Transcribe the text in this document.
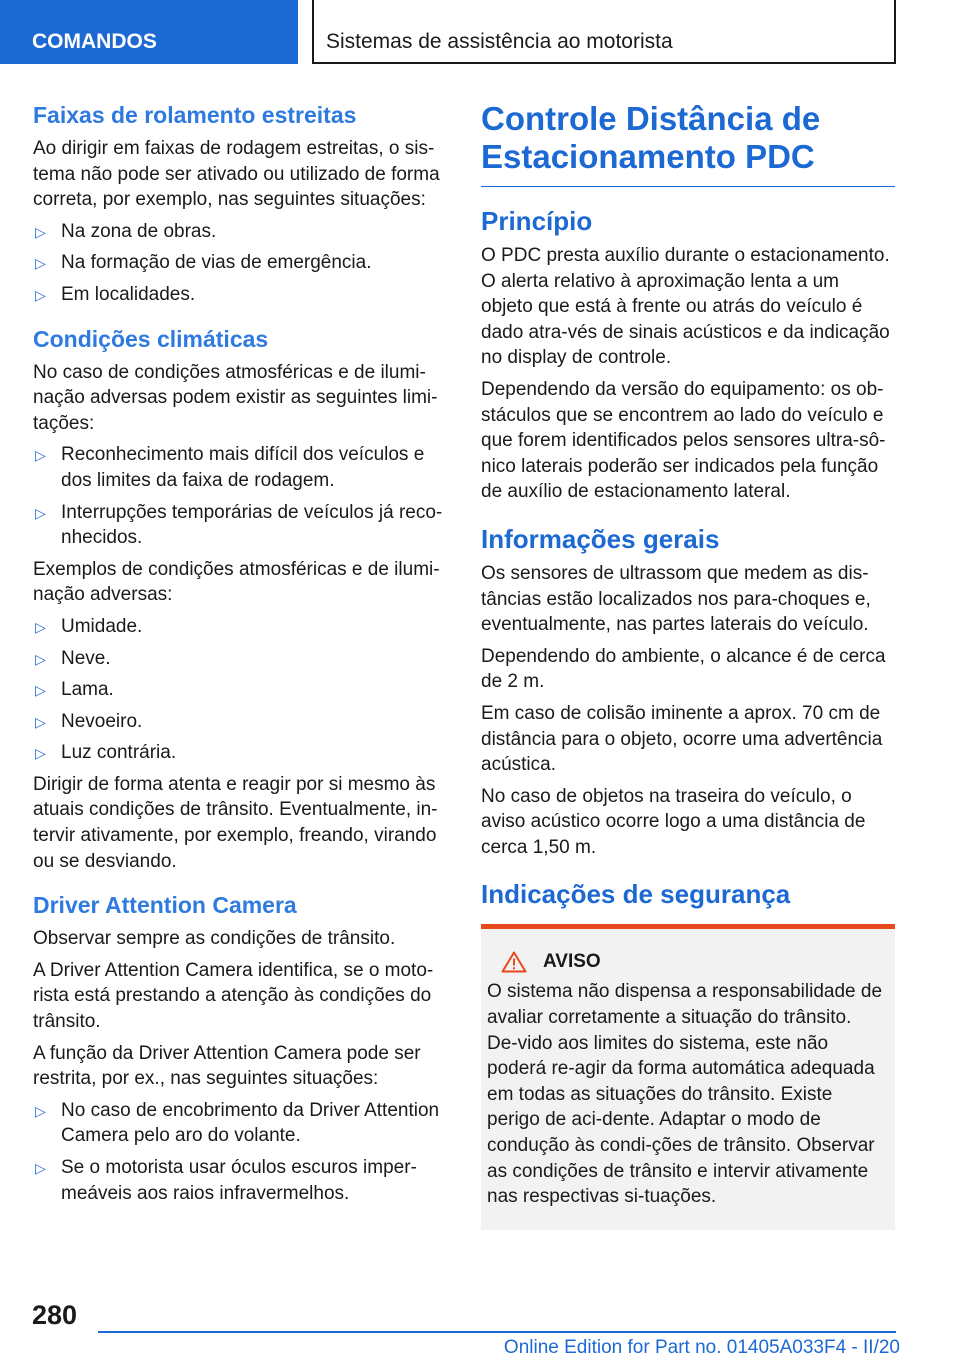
COMANDOS	Sistemas de assistência ao motorista
Faixas de rolamento estreitas

Ao dirigir em faixas de rodagem estreitas, o sis-tema não pode ser ativado ou utilizado de forma correta, por exemplo, nas seguintes situações:

▷ Na zona de obras.
▷ Na formação de vias de emergência.
▷ Em localidades.
Condições climáticas

No caso de condições atmosféricas e de ilumi-nação adversas podem existir as seguintes limi-tações:

▷ Reconhecimento mais difícil dos veículos e dos limites da faixa de rodagem.
▷ Interrupções temporárias de veículos já reco-nhecidos.

Exemplos de condições atmosféricas e de ilumi-nação adversas:

▷ Umidade.
▷ Neve.
▷ Lama.
▷ Nevoeiro.
▷ Luz contrária.

Dirigir de forma atenta e reagir por si mesmo às atuais condições de trânsito. Eventualmente, in-tervir ativamente, por exemplo, freando, virando ou se desviando.

Driver Attention Camera

Observar sempre as condições de trânsito.

A Driver Attention Camera identifica, se o moto-rista está prestando a atenção às condições do trânsito.

A função da Driver Attention Camera pode ser restrita, por ex., nas seguintes situações:

▷ No caso de encobrimento da Driver Attention Camera pelo aro do volante.
▷ Se o motorista usar óculos escuros imper-meáveis aos raios infravermelhos.
Controle Distância de Estacionamento PDC
Princípio

O PDC presta auxílio durante o estacionamento. O alerta relativo à aproximação lenta a um objeto que está à frente ou atrás do veículo é dado atra-vés de sinais acústicos e da indicação no display de controle.

Dependendo da versão do equipamento: os ob-stáculos que se encontrem ao lado do veículo e que forem identificados pelos sensores ultra-sô-nico laterais poderão ser indicados pela função de auxílio de estacionamento lateral.

Informações gerais

Os sensores de ultrassom que medem as dis-tâncias estão localizados nos para-choques e, eventualmente, nas partes laterais do veículo.

Dependendo do ambiente, o alcance é de cerca de 2 m.

Em caso de colisão iminente a aprox. 70 cm de distância para o objeto, ocorre uma advertência acústica.

No caso de objetos na traseira do veículo, o aviso acústico ocorre logo a uma distância de cerca 1,50 m.

Indicações de segurança
AVISO

O sistema não dispensa a responsabilidade de avaliar corretamente a situação do trânsito. De-vido aos limites do sistema, este não poderá re-agir da forma automática adequada em todas as situações do trânsito. Existe perigo de aci-dente. Adaptar o modo de condução às condi-ções de trânsito. Observar as condições de trânsito e intervir ativamente nas respectivas si-tuações.

280
Online Edition for Part no. 01405A033F4 - II/20
